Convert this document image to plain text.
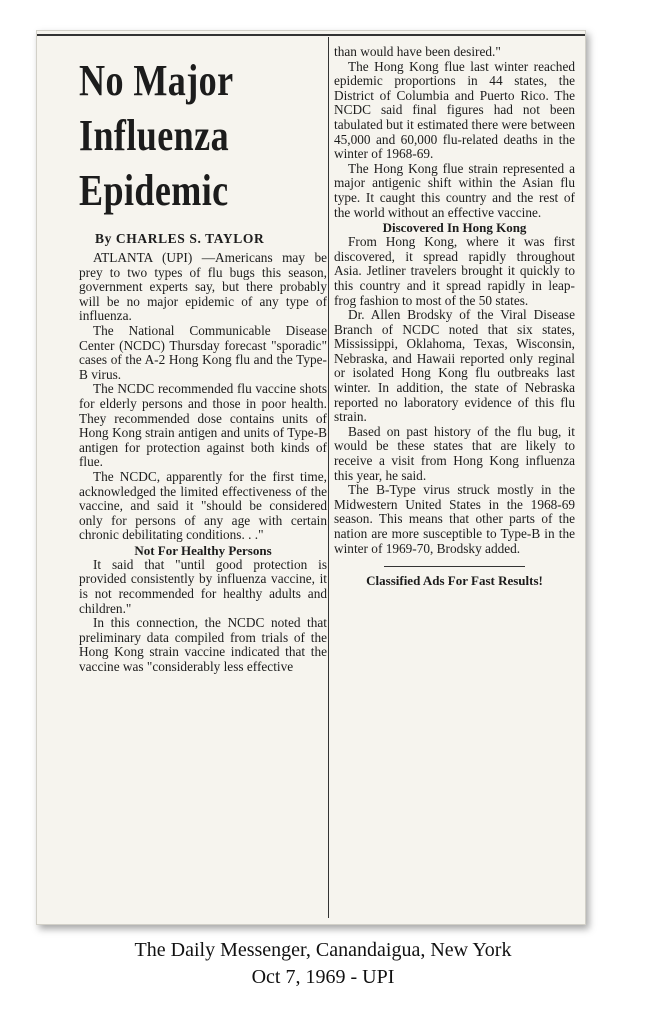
No Major

Influenza

Epidemic

By CHARLES S. TAYLOR

ATLANTA (UPI) —Americans may be prey to two types of flu bugs this season, government experts say, but there probably will be no major epidemic of any type of influenza.

The National Communicable Disease Center (NCDC) Thursday forecast "sporadic" cases of the A-2 Hong Kong flu and the Type-B virus.

The NCDC recommended flu vaccine shots for elderly persons and those in poor health. They recommended dose contains units of Hong Kong strain antigen and units of Type-B antigen for protection against both kinds of flue.

The NCDC, apparently for the first time, acknowledged the limited effectiveness of the vaccine, and said it "should be considered only for persons of any age with certain chronic debilitating conditions. . ."

Not For Healthy Persons

It said that "until good protection is provided consistently by influenza vaccine, it is not recommended for healthy adults and children."

In this connection, the NCDC noted that preliminary data compiled from trials of the Hong Kong strain vaccine indicated that the vaccine was "considerably less effective

than would have been desired."

The Hong Kong flue last winter reached epidemic proportions in 44 states, the District of Columbia and Puerto Rico. The NCDC said final figures had not been tabulated but it estimated there were between 45,000 and 60,000 flu-related deaths in the winter of 1968-69.

The Hong Kong flue strain represented a major antigenic shift within the Asian flu type. It caught this country and the rest of the world without an effective vaccine.

Discovered In Hong Kong

From Hong Kong, where it was first discovered, it spread rapidly throughout Asia. Jetliner travelers brought it quickly to this country and it spread rapidly in leap-frog fashion to most of the 50 states.

Dr. Allen Brodsky of the Viral Disease Branch of NCDC noted that six states, Mississippi, Oklahoma, Texas, Wisconsin, Nebraska, and Hawaii reported only reginal or isolated Hong Kong flu outbreaks last winter. In addition, the state of Nebraska reported no laboratory evidence of this flu strain.

Based on past history of the flu bug, it would be these states that are likely to receive a visit from Hong Kong influenza this year, he said.

The B-Type virus struck mostly in the Midwestern United States in the 1968-69 season. This means that other parts of the nation are more susceptible to Type-B in the winter of 1969-70, Brodsky added.

Classified Ads For Fast Results!

The Daily Messenger, Canandaigua, New York
Oct 7, 1969 - UPI
